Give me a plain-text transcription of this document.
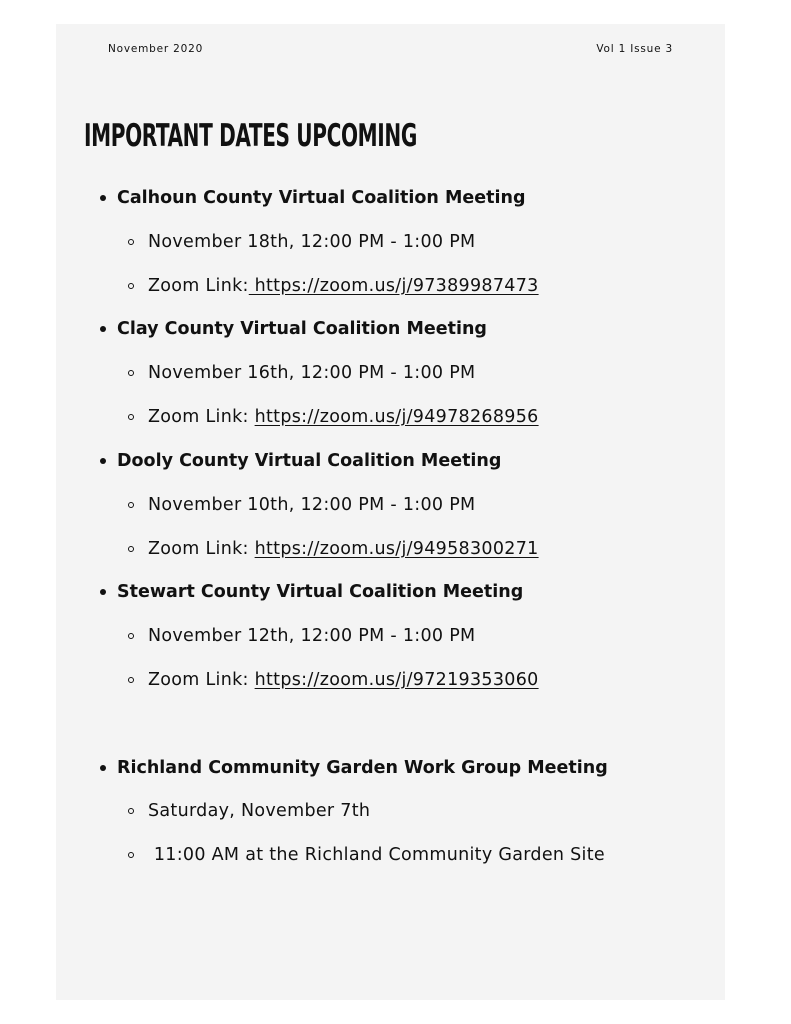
November 2020	Vol 1 Issue 3
IMPORTANT DATES UPCOMING
Calhoun County Virtual Coalition Meeting
November 18th, 12:00 PM - 1:00 PM
Zoom Link: https://zoom.us/j/97389987473
Clay County Virtual Coalition Meeting
November 16th, 12:00 PM - 1:00 PM
Zoom Link: https://zoom.us/j/94978268956
Dooly County Virtual Coalition Meeting
November 10th, 12:00 PM - 1:00 PM
Zoom Link: https://zoom.us/j/94958300271
Stewart County Virtual Coalition Meeting
November 12th, 12:00 PM - 1:00 PM
Zoom Link: https://zoom.us/j/97219353060
Richland Community Garden Work Group Meeting
Saturday, November 7th
11:00 AM at the Richland Community Garden Site
